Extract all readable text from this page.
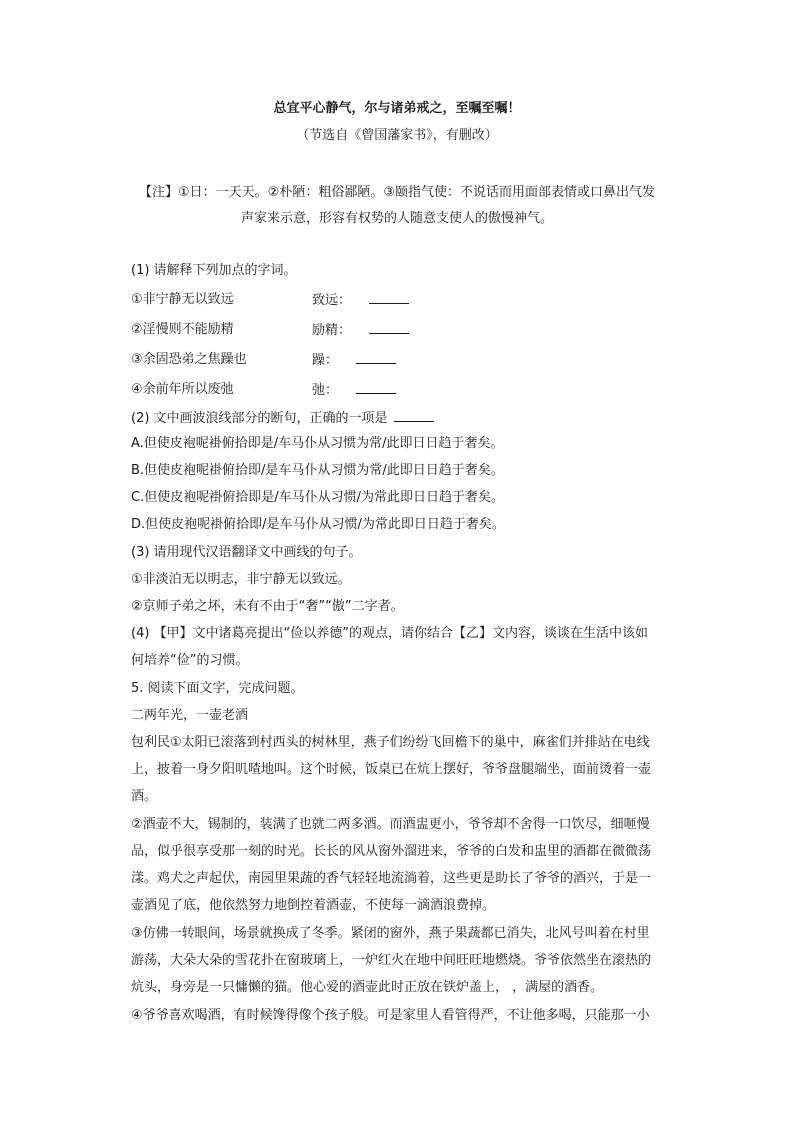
总宜平心静气，尔与诸弟戒之，至嘱至嘱！
（节选自《曾国藩家书》，有删改）
【注】①日：一天天。②朴陋：粗俗鄙陋。③颐指气使：不说话而用面部表情或口鼻出气发
声家来示意，形容有权势的人随意支使人的傲慢神气。
(1) 请解释下列加点的字词。
①非宁静无以致远	致远：
②淫慢则不能励精	励精：
③余固恐弟之焦躁也	躁：
④余前年所以废弛	弛：
(2) 文中画波浪线部分的断句，正确的一项是
A.但使皮袍呢褂俯拾即是/车马仆从习惯为常/此即日日趋于奢矣。
B.但使皮袍呢褂俯拾即/是车马仆从习惯为常/此即日日趋于奢矣。
C.但使皮袍呢褂俯拾即是/车马仆从习惯/为常此即日日趋于奢矣。
D.但使皮袍呢褂俯拾即/是车马仆从习惯/为常此即日日趋于奢矣。
(3) 请用现代汉语翻译文中画线的句子。
①非淡泊无以明志，非宁静无以致远。
②京师子弟之坏，未有不由于“奢”“傲”二字者。
(4) 【甲】文中诸葛亮提出“俭以养德”的观点，请你结合【乙】文内容，谈谈在生活中该如
何培养“俭”的习惯。
5. 阅读下面文字，完成问题。
二两年光，一壶老酒
包利民①太阳已滚落到村西头的树林里，燕子们纷纷飞回檐下的巢中，麻雀们并排站在电线
上，披着一身夕阳叽喳地叫。这个时候，饭桌已在炕上摆好，爷爷盘腿端坐，面前烫着一壶
酒。
②酒壶不大，锡制的，装满了也就二两多酒。而酒盅更小，爷爷却不舍得一口饮尽，细咂慢
品，似乎很享受那一刻的时光。长长的风从窗外溜进来，爷爷的白发和盅里的酒都在微微荡
漾。鸡犬之声起伏，南园里果蔬的香气轻轻地流淌着，这些更是助长了爷爷的酒兴，于是一
壶酒见了底，他依然努力地倒控着酒壶，不使每一滴酒浪费掉。
③仿佛一转眼间，场景就换成了冬季。紧闭的窗外，燕子果蔬都已消失，北风号叫着在村里
游荡，大朵大朵的雪花扑在窗玻璃上，一炉红火在地中间旺旺地燃烧。爷爷依然坐在滚热的
炕头，身旁是一只慵懒的猫。他心爱的酒壶此时正放在铁炉盖上， ，满屋的酒香。
④爷爷喜欢喝酒，有时候馋得像个孩子般。可是家里人看管得严，不让他多喝，只能那一小
